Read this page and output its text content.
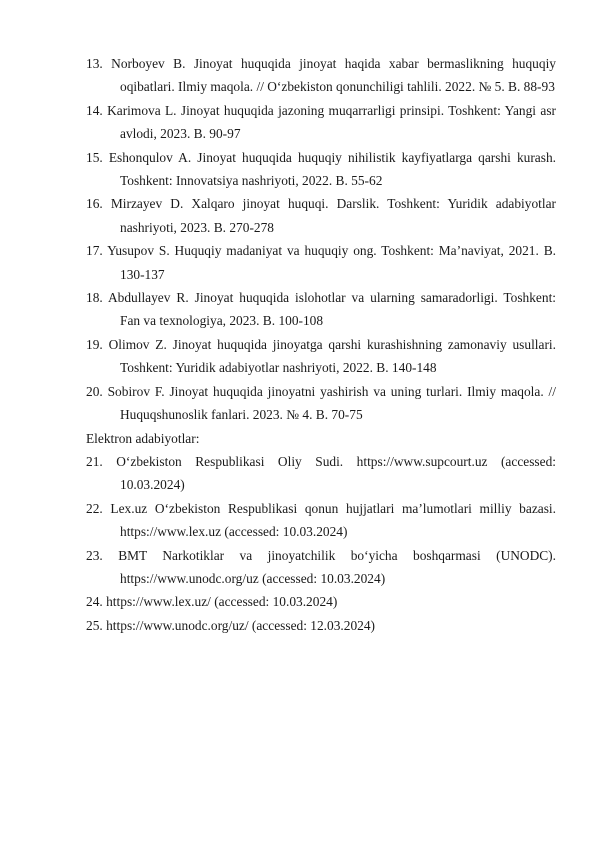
13. Norboyev B. Jinoyat huquqida jinoyat haqida xabar bermaslikning huquqiy oqibatlari. Ilmiy maqola. // O‘zbekiston qonunchiligi tahlili. 2022. № 5. B. 88-93

14. Karimova L. Jinoyat huquqida jazoning muqarrarligi prinsipi. Toshkent: Yangi asr avlodi, 2023. B. 90-97

15. Eshonqulov A. Jinoyat huquqida huquqiy nihilistik kayfiyatlarga qarshi kurash. Toshkent: Innovatsiya nashriyoti, 2022. B. 55-62

16. Mirzayev D. Xalqaro jinoyat huquqi. Darslik. Toshkent: Yuridik adabiyotlar nashriyoti, 2023. B. 270-278

17. Yusupov S. Huquqiy madaniyat va huquqiy ong. Toshkent: Ma’naviyat, 2021. B. 130-137

18. Abdullayev R. Jinoyat huquqida islohotlar va ularning samaradorligi. Toshkent: Fan va texnologiya, 2023. B. 100-108

19. Olimov Z. Jinoyat huquqida jinoyatga qarshi kurashishning zamonaviy usullari. Toshkent: Yuridik adabiyotlar nashriyoti, 2022. B. 140-148

20. Sobirov F. Jinoyat huquqida jinoyatni yashirish va uning turlari. Ilmiy maqola. // Huquqshunoslik fanlari. 2023. № 4. B. 70-75

Elektron adabiyotlar:

21. O‘zbekiston Respublikasi Oliy Sudi. https://www.supcourt.uz (accessed: 10.03.2024)

22. Lex.uz O‘zbekiston Respublikasi qonun hujjatlari ma’lumotlari milliy bazasi. https://www.lex.uz (accessed: 10.03.2024)

23. BMT Narkotiklar va jinoyatchilik bo‘yicha boshqarmasi (UNODC). https://www.unodc.org/uz (accessed: 10.03.2024)

24. https://www.lex.uz/ (accessed: 10.03.2024)

25. https://www.unodc.org/uz/ (accessed: 12.03.2024)
